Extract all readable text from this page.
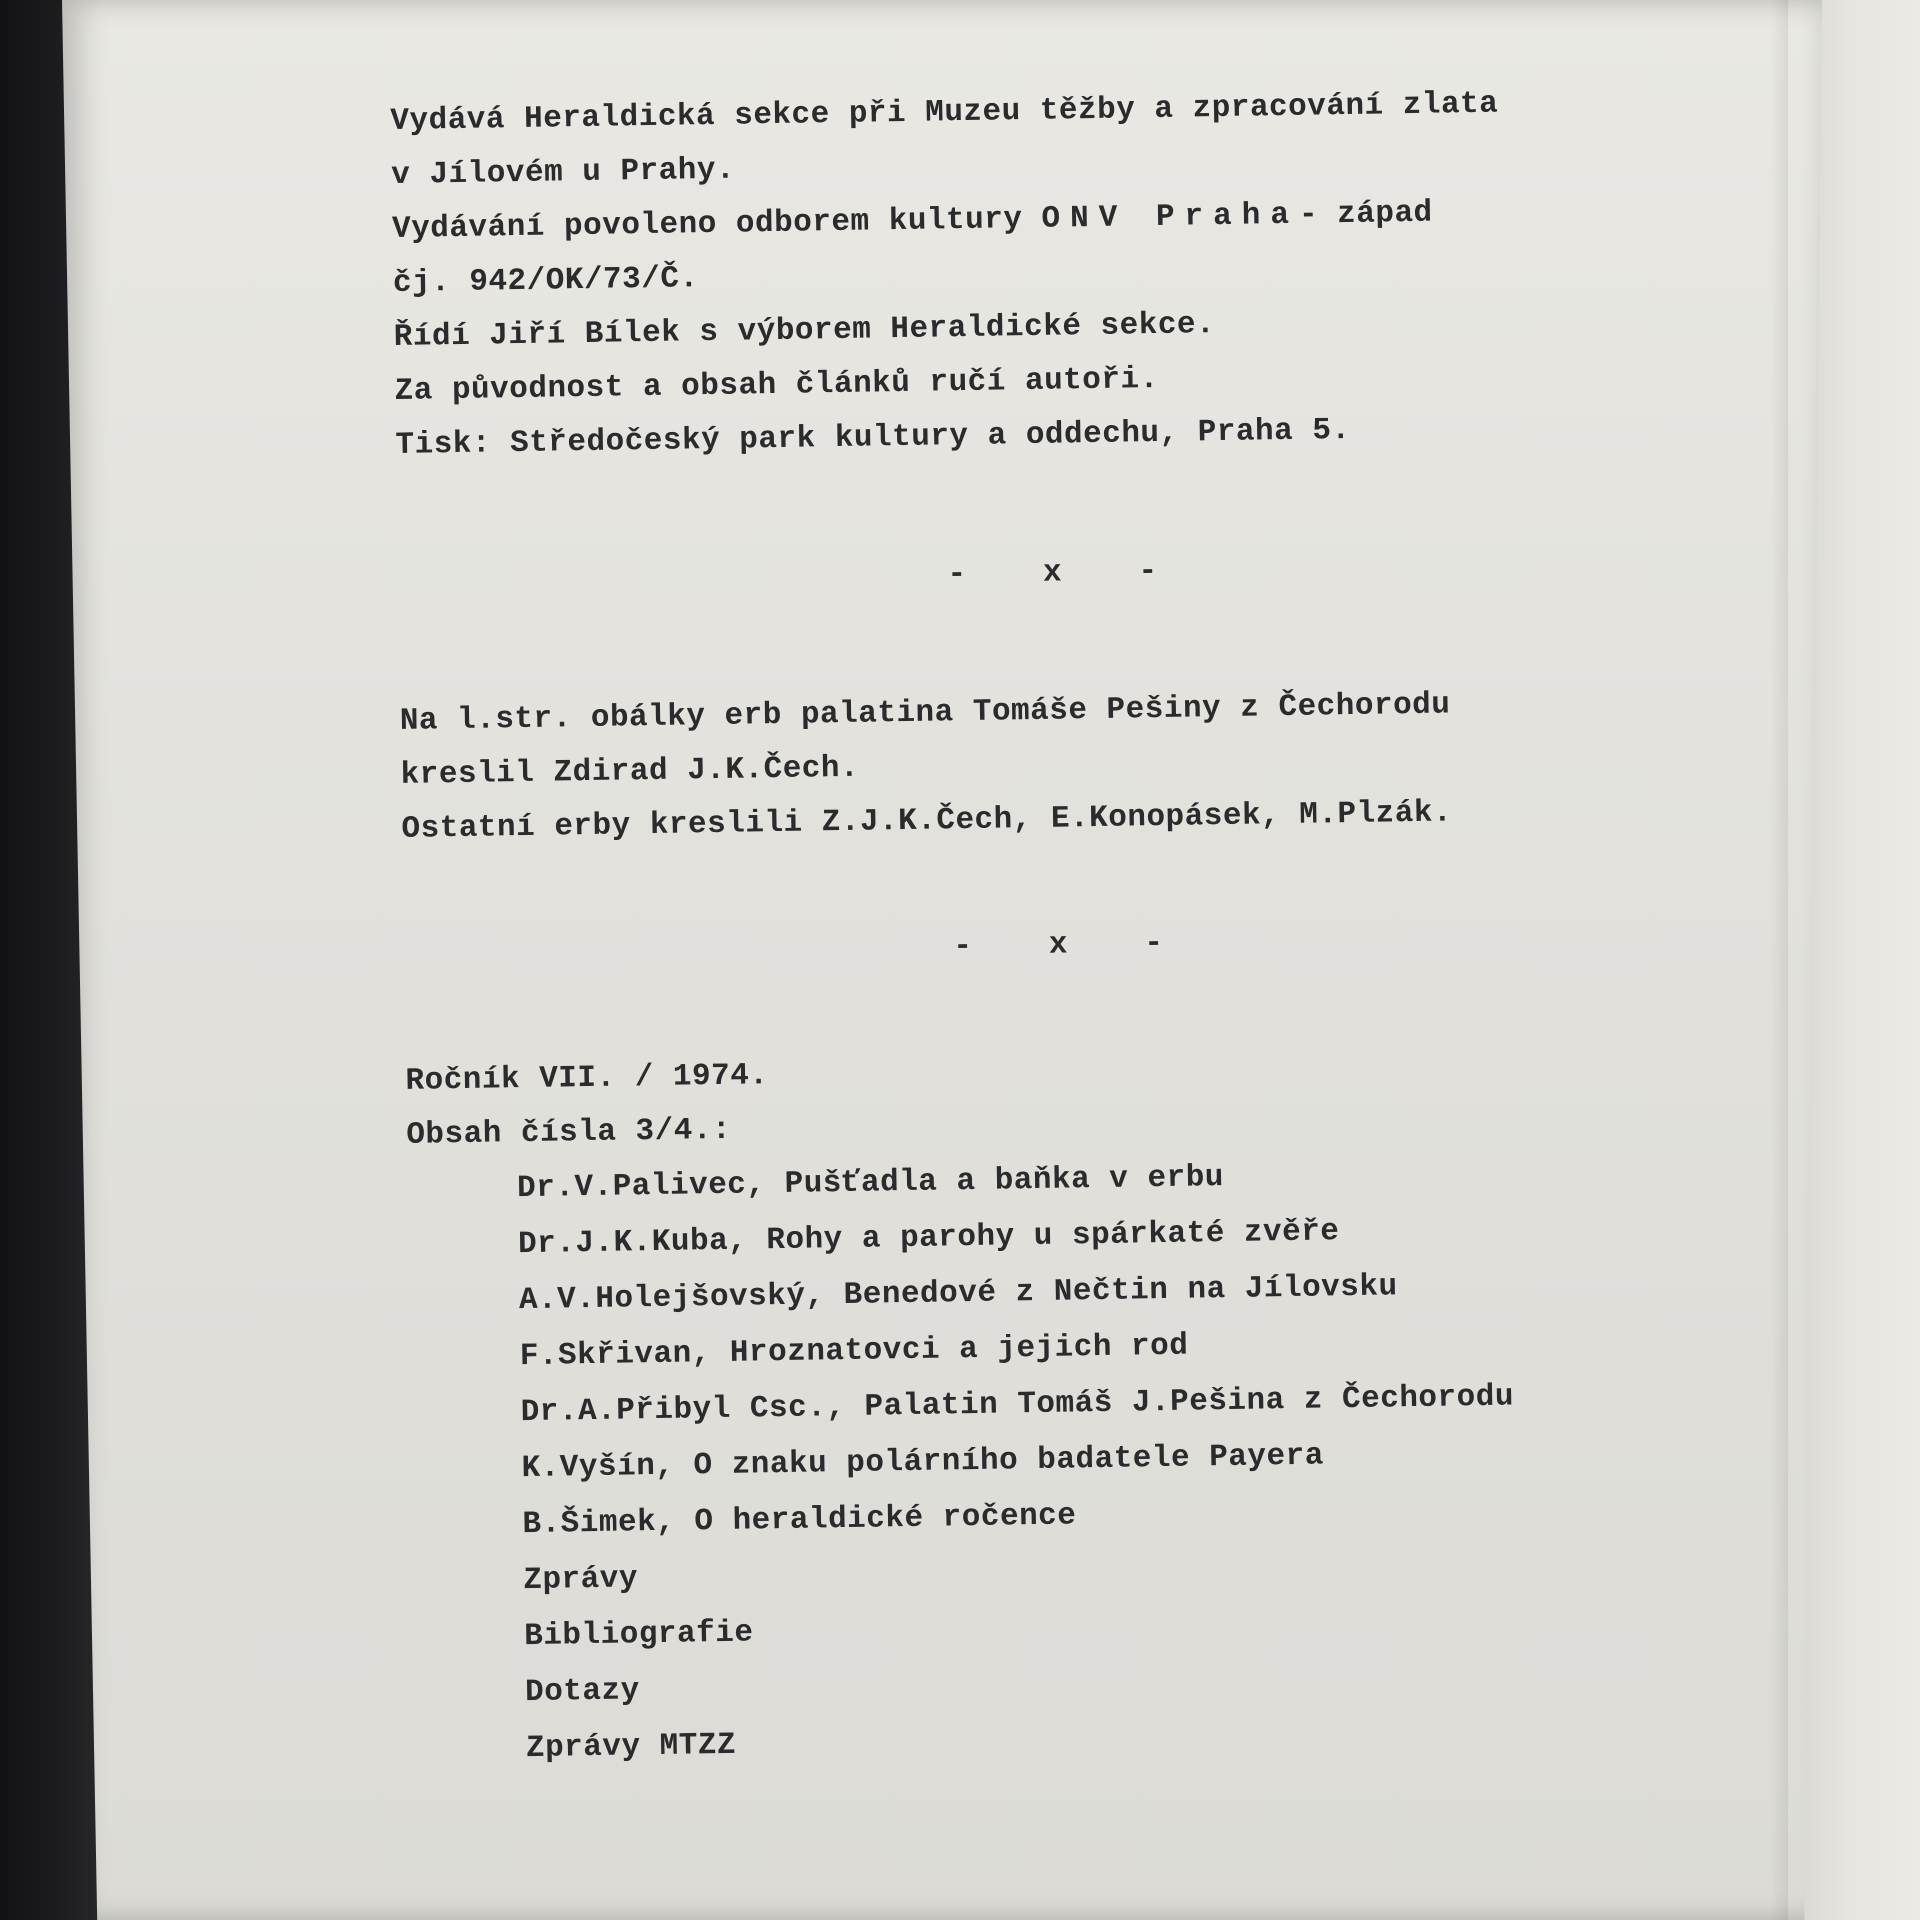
Vydává Heraldická sekce při Muzeu těžby a zpracování zlata
v Jílovém u Prahy.
Vydávání povoleno odborem kultury ONV Praha- západ
čj. 942/OK/73/Č.
Řídí Jiří Bílek s výborem Heraldické sekce.
Za původnost a obsah článků ručí autoři.
Tisk: Středočeský park kultury a oddechu, Praha 5.
-    x    -
Na l.str. obálky erb palatina Tomáše Pešiny z Čechorodu
kreslil Zdirad J.K.Čech.
Ostatní erby kreslili Z.J.K.Čech, E.Konopásek, M.Plzák.
-    x    -
Ročník VII. / 1974.
Obsah čísla 3/4.:
Dr.V.Palivec, Pušťadla a baňka v erbu
Dr.J.K.Kuba, Rohy a parohy u spárkaté zvěře
A.V.Holejšovský, Benedové z Nečtin na Jílovsku
F.Skřivan, Hroznatovci a jejich rod
Dr.A.Přibyl Csc., Palatin Tomáš J.Pešina z Čechorodu
K.Vyšín, O znaku polárního badatele Payera
B.Šimek, O heraldické ročence
Zprávy
Bibliografie
Dotazy
Zprávy MTZZ
